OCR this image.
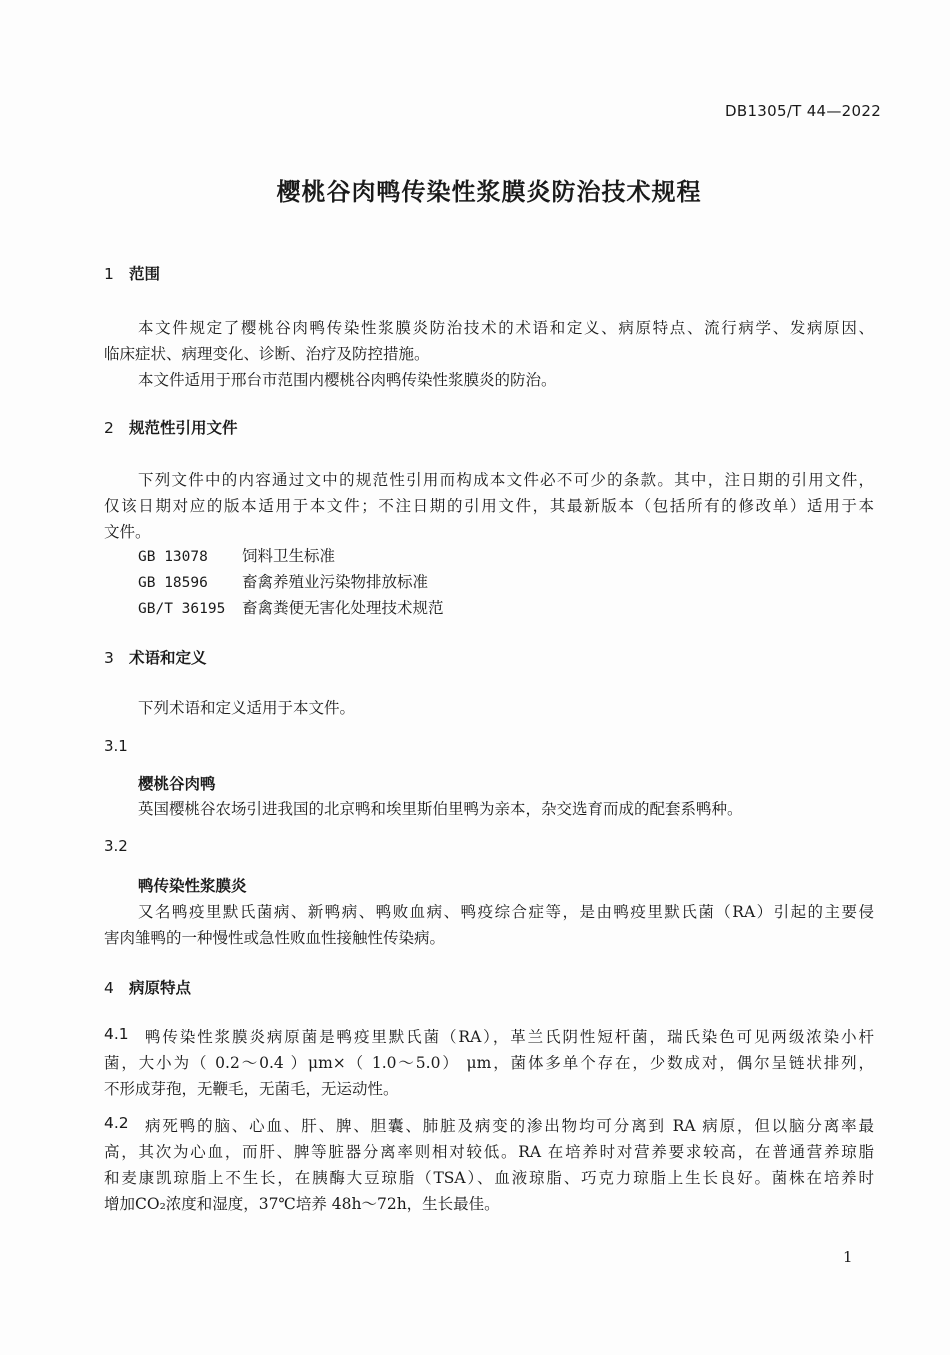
DB1305/T 44—2022
樱桃谷肉鸭传染性浆膜炎防治技术规程
1 范围
本文件规定了樱桃谷肉鸭传染性浆膜炎防治技术的术语和定义、病原特点、流行病学、发病原因、
临床症状、病理变化、诊断、治疗及防控措施。
本文件适用于邢台市范围内樱桃谷肉鸭传染性浆膜炎的防治。
2 规范性引用文件
下列文件中的内容通过文中的规范性引用而构成本文件必不可少的条款。其中，注日期的引用文件，
仅该日期对应的版本适用于本文件；不注日期的引用文件，其最新版本（包括所有的修改单）适用于本
文件。
GB 13078 饲料卫生标准
GB 18596 畜禽养殖业污染物排放标准
GB/T 36195 畜禽粪便无害化处理技术规范
3 术语和定义
下列术语和定义适用于本文件。
3.1
樱桃谷肉鸭
英国樱桃谷农场引进我国的北京鸭和埃里斯伯里鸭为亲本，杂交选育而成的配套系鸭种。
3.2
鸭传染性浆膜炎
又名鸭疫里默氏菌病、新鸭病、鸭败血病、鸭疫综合症等，是由鸭疫里默氏菌（RA）引起的主要侵
害肉雏鸭的一种慢性或急性败血性接触性传染病。
4 病原特点
4.1 鸭传染性浆膜炎病原菌是鸭疫里默氏菌（RA），革兰氏阴性短杆菌，瑞氏染色可见两级浓染小杆
菌，大小为（ 0.2～0.4 ）μm×（ 1.0～5.0） μm，菌体多单个存在，少数成对，偶尔呈链状排列，
不形成芽孢，无鞭毛，无菌毛，无运动性。
4.2 病死鸭的脑、心血、肝、脾、胆囊、肺脏及病变的渗出物均可分离到 RA 病原，但以脑分离率最
高，其次为心血，而肝、脾等脏器分离率则相对较低。RA 在培养时对营养要求较高，在普通营养琼脂
和麦康凯琼脂上不生长，在胰酶大豆琼脂（TSA）、血液琼脂、巧克力琼脂上生长良好。菌株在培养时
增加CO₂浓度和湿度，37℃培养 48h～72h，生长最佳。
1
